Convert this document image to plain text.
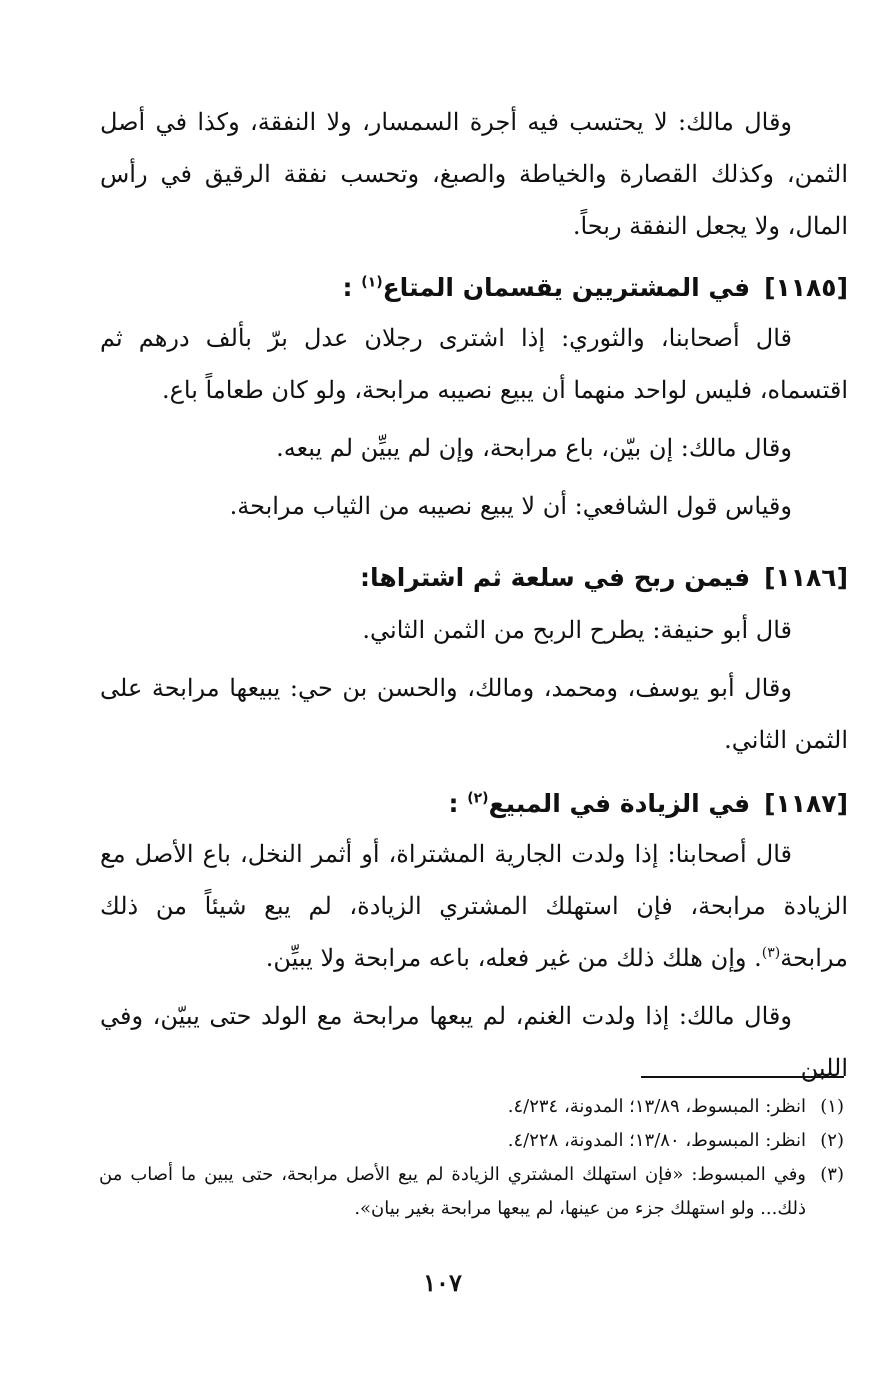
وقال مالك: لا يحتسب فيه أجرة السمسار، ولا النفقة، وكذا في أصل الثمن، وكذلك القصارة والخياطة والصبغ، وتحسب نفقة الرقيق في رأس المال، ولا يجعل النفقة ربحاً.

[١١٨٥]في المشتريين يقسمان المتاع$^{(١)}$ :

قال أصحابنا، والثوري: إذا اشترى رجلان عدل برّ بألف درهم ثم اقتسماه، فليس لواحد منهما أن يبيع نصيبه مرابحة، ولو كان طعاماً باع.

وقال مالك: إن بيّن، باع مرابحة، وإن لم يبيِّن لم يبعه.

وقياس قول الشافعي: أن لا يبيع نصيبه من الثياب مرابحة.

[١١٨٦]فيمن ربح في سلعة ثم اشتراها:

قال أبو حنيفة: يطرح الربح من الثمن الثاني.

وقال أبو يوسف، ومحمد، ومالك، والحسن بن حي: يبيعها مرابحة على الثمن الثاني.

[١١٨٧]في الزيادة في المبيع$^{(٢)}$ :

قال أصحابنا: إذا ولدت الجارية المشتراة، أو أثمر النخل، باع الأصل مع الزيادة مرابحة، فإن استهلك المشتري الزيادة، لم يبع شيئاً من ذلك مرابحة$^{(٣)}$. وإن هلك ذلك من غير فعله، باعه مرابحة ولا يبيِّن.

وقال مالك: إذا ولدت الغنم، لم يبعها مرابحة مع الولد حتى يبيّن، وفي اللبن

(١)
انظر: المبسوط، ١٣/٨٩؛ المدونة، ٤/٢٣٤.
(٢)
انظر: المبسوط، ١٣/٨٠؛ المدونة، ٤/٢٢٨.
(٣)
وفي المبسوط: «فإن استهلك المشتري الزيادة لم يبع الأصل مرابحة، حتى يبين ما أصاب من ذلك... ولو استهلك جزء من عينها، لم يبعها مرابحة بغير بيان».
١٠٧
